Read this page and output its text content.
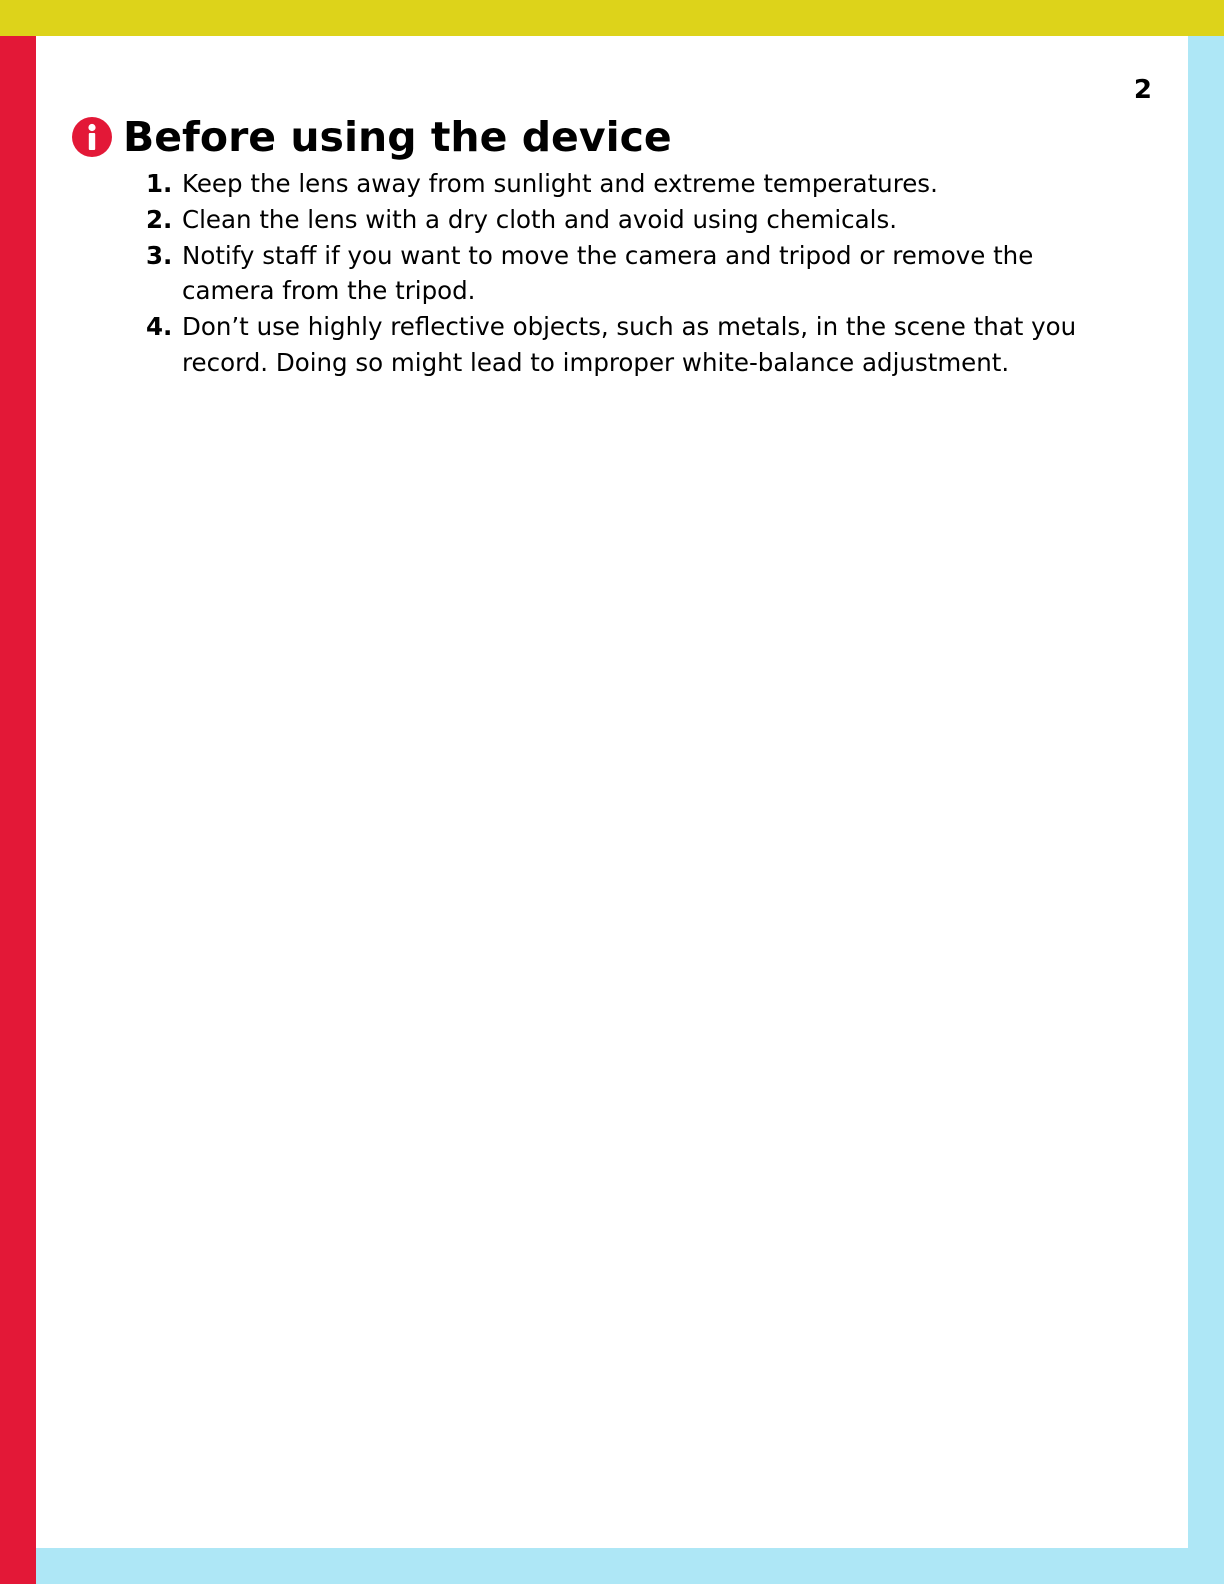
2
Before using the device
1. Keep the lens away from sunlight and extreme temperatures.
2. Clean the lens with a dry cloth and avoid using chemicals.
3. Notify staff if you want to move the camera and tripod or remove the camera from the tripod.
4. Don’t use highly reflective objects, such as metals, in the scene that you record. Doing so might lead to improper white-balance adjustment.
